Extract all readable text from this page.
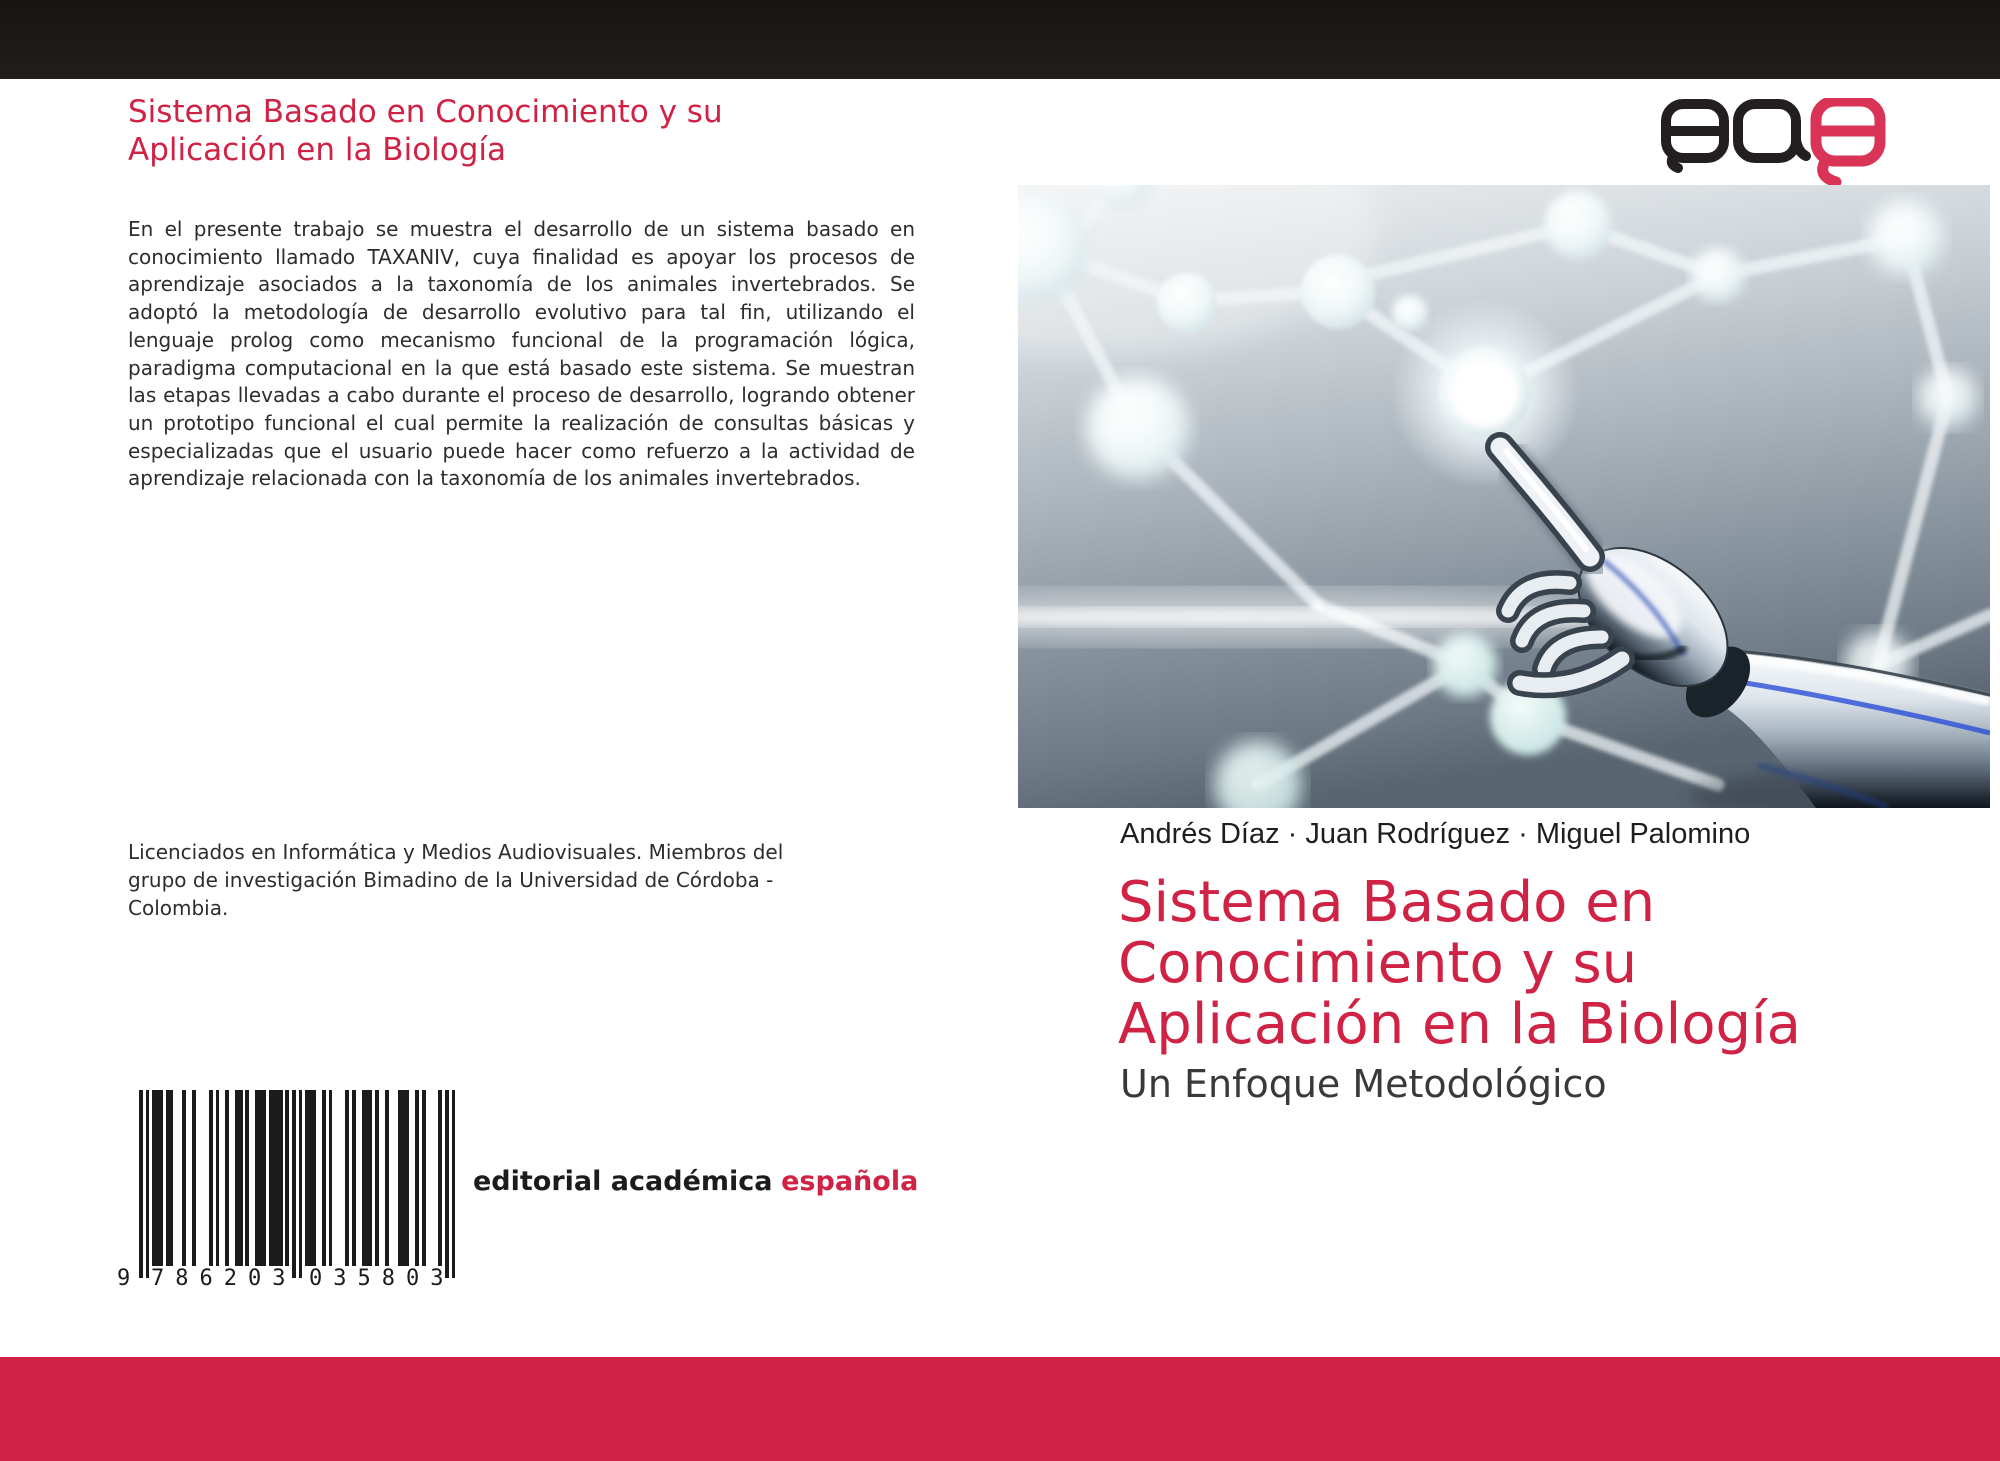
Sistema Basado en Conocimiento y su
Aplicación en la Biología
En el presente trabajo se muestra el desarrollo de un sistema basado en conocimiento llamado TAXANIV, cuya finalidad es apoyar los procesos de aprendizaje asociados a la taxonomía de los animales invertebrados. Se adoptó la metodología de desarrollo evolutivo para tal fin, utilizando el lenguaje prolog como mecanismo funcional de la programación lógica, paradigma computacional en la que está basado este sistema. Se muestran las etapas llevadas a cabo durante el proceso de desarrollo, logrando obtener un prototipo funcional el cual permite la realización de consultas básicas y especializadas que el usuario puede hacer como refuerzo a la actividad de aprendizaje relacionada con la taxonomía de los animales invertebrados.
Licenciados en Informática y Medios Audiovisuales. Miembros del grupo de investigación Bimadino de la Universidad de Córdoba - Colombia.
9 786203 035803
editorial académica española
Andrés Díaz · Juan Rodríguez · Miguel Palomino
Sistema Basado en
Conocimiento y su
Aplicación en la Biología
Un Enfoque Metodológico
